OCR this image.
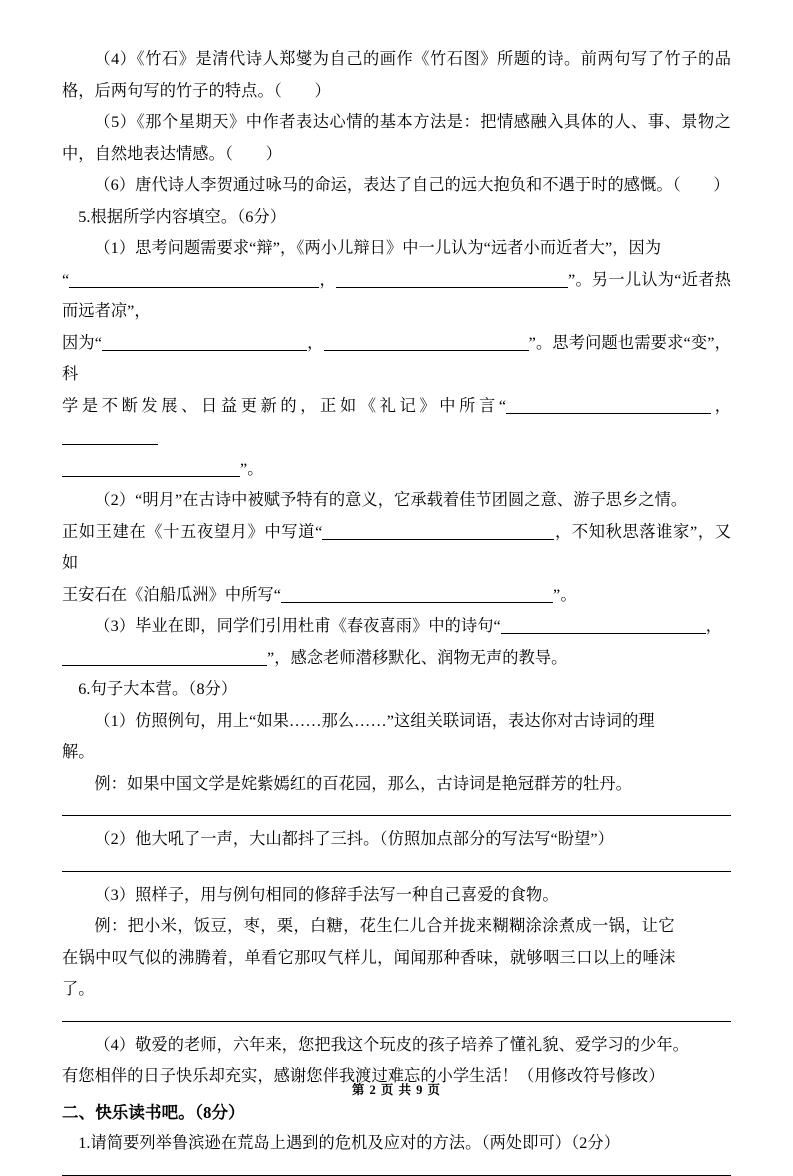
（4）《竹石》是清代诗人郑燮为自己的画作《竹石图》所题的诗。前两句写了竹子的品格，后两句写的竹子的特点。（　　）

（5）《那个星期天》中作者表达心情的基本方法是：把情感融入具体的人、事、景物之中，自然地表达情感。（　　）

（6）唐代诗人李贺通过咏马的命运，表达了自己的远大抱负和不遇于时的感慨。（　　）

5.根据所学内容填空。（6分）

（1）思考问题需要求“辩”，《两小儿辩日》中一儿认为“远者小而近者大”，因为

“	，	”。另一儿认为“近者热而远者凉”，

因为“	，	”。思考问题也需要求“变”，科

学是不断发展、日益更新的，正如《礼记》中所言“	，

”。

（2）“明月”在古诗中被赋予特有的意义，它承载着佳节团圆之意、游子思乡之情。

正如王建在《十五夜望月》中写道“	，不知秋思落谁家”，又如

王安石在《泊船瓜洲》中所写“	”。

（3）毕业在即，同学们引用杜甫《春夜喜雨》中的诗句“	，

”，感念老师潜移默化、润物无声的教导。

6.句子大本营。（8分）

（1）仿照例句，用上“如果……那么……”这组关联词语，表达你对古诗词的理

解。

例：如果中国文学是姹紫嫣红的百花园，那么，古诗词是艳冠群芳的牡丹。

（2）他大吼了一声，大山都抖了三抖。（仿照加点部分的写法写“盼望”）

（3）照样子，用与例句相同的修辞手法写一种自己喜爱的食物。

例：把小米，饭豆，枣，栗，白糖，花生仁儿合并拢来糊糊涂涂煮成一锅，让它

在锅中叹气似的沸腾着，单看它那叹气样儿，闻闻那种香味，就够咽三口以上的唾沫

了。

（4）敬爱的老师，六年来，您把我这个玩皮的孩子培养了懂礼貌、爱学习的少年。

有您相伴的日子快乐却充实，感谢您伴我渡过难忘的小学生活！（用修改符号修改）

二、快乐读书吧。（8分）

1.请简要列举鲁滨逊在荒岛上遇到的危机及应对的方法。（两处即可）（2分）

第 2 页 共 9 页
